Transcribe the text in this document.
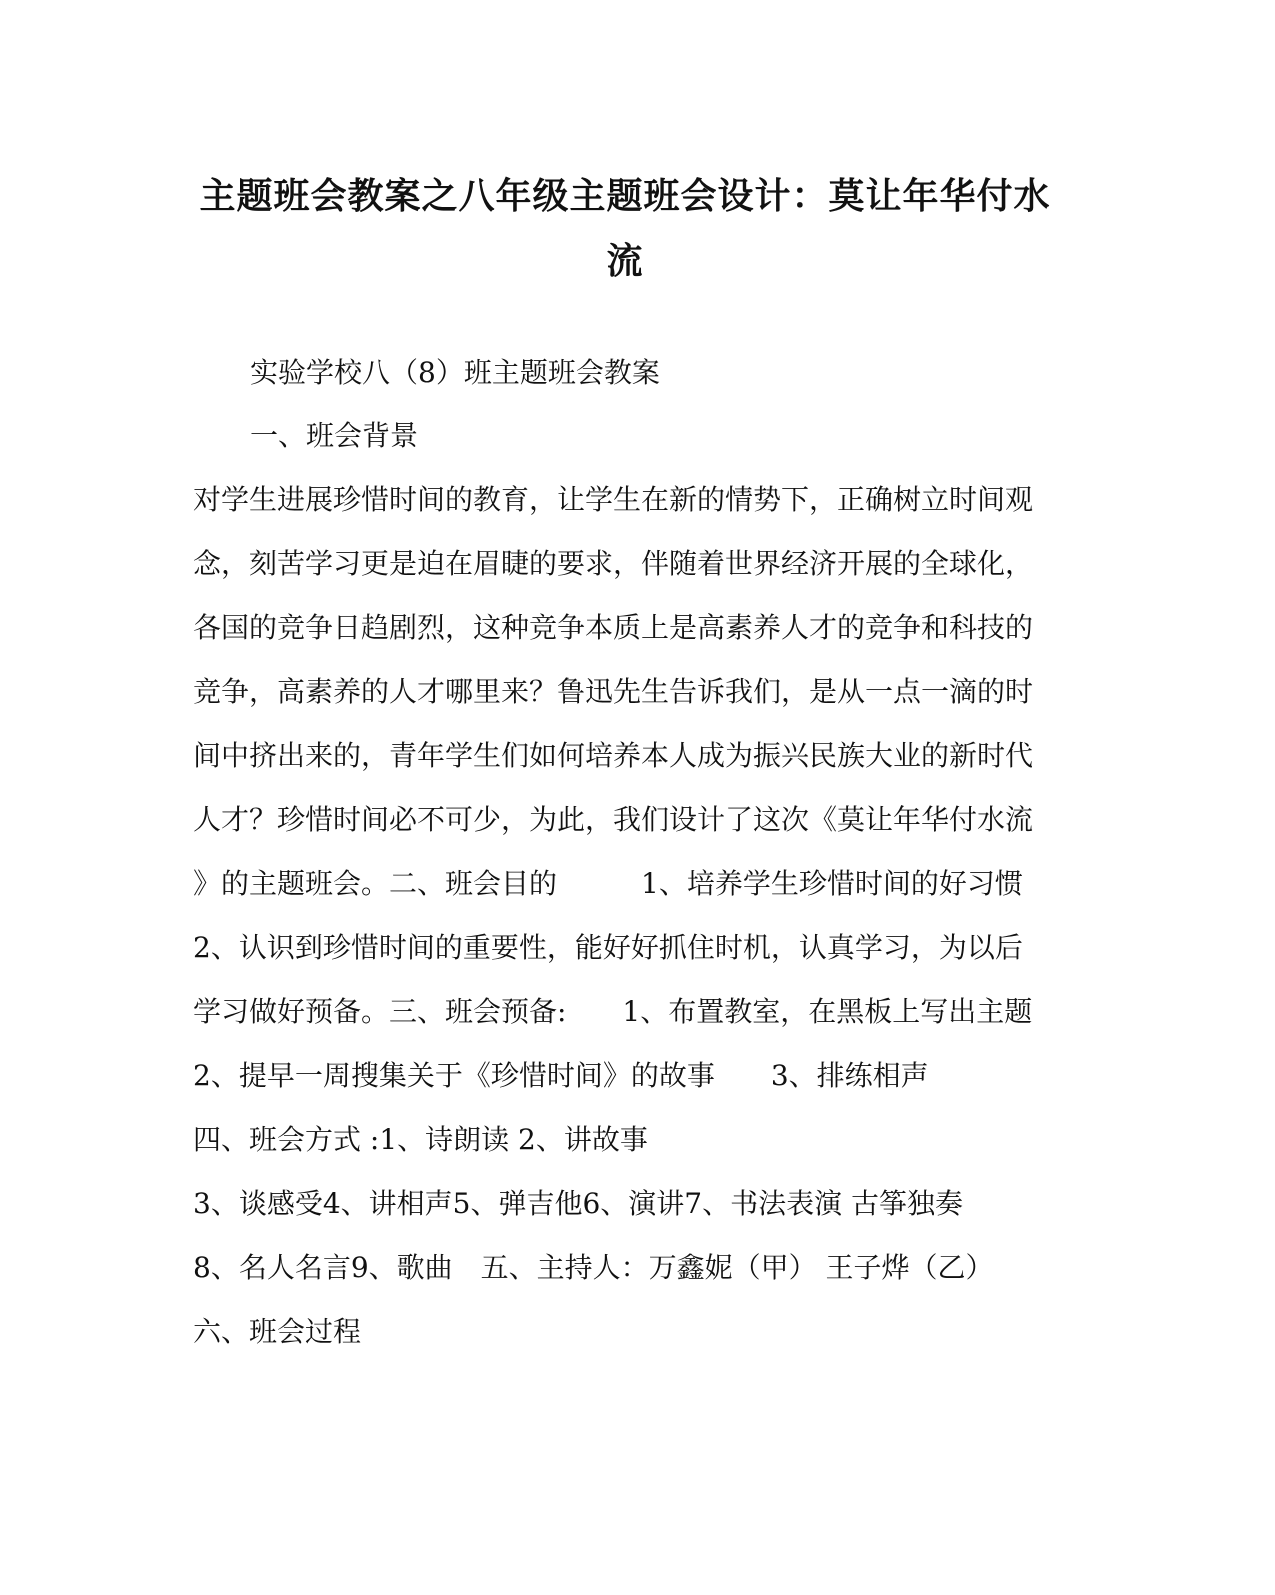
主题班会教案之八年级主题班会设计：莫让年华付水
流
实验学校八（8）班主题班会教案
一、班会背景
对学生进展珍惜时间的教育，让学生在新的情势下，正确树立时间观
念，刻苦学习更是迫在眉睫的要求，伴随着世界经济开展的全球化，
各国的竞争日趋剧烈，这种竞争本质上是高素养人才的竞争和科技的
竞争，高素养的人才哪里来？鲁迅先生告诉我们，是从一点一滴的时
间中挤出来的，青年学生们如何培养本人成为振兴民族大业的新时代
人才？珍惜时间必不可少，为此，我们设计了这次《莫让年华付水流
》的主题班会。二、班会目的　　　1、培养学生珍惜时间的好习惯
2、认识到珍惜时间的重要性，能好好抓住时机，认真学习，为以后
学习做好预备。三、班会预备:　　1、布置教室，在黑板上写出主题
2、提早一周搜集关于《珍惜时间》的故事　　3、排练相声
四、班会方式 :1、诗朗读 2、讲故事
3、谈感受4、讲相声5、弹吉他6、演讲7、书法表演 古筝独奏
8、名人名言9、歌曲　五、主持人：万鑫妮（甲） 王子烨（乙）
六、班会过程
